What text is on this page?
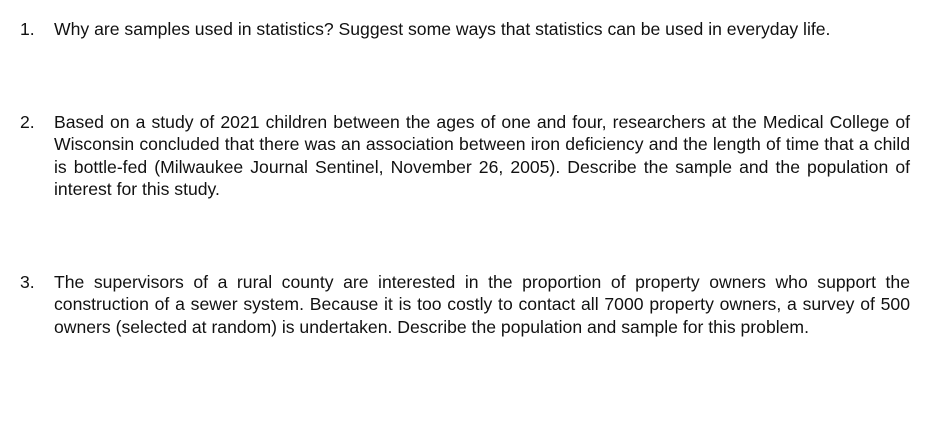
1.	Why are samples used in statistics? Suggest some ways that statistics can be used in everyday life.
2.	Based on a study of 2021 children between the ages of one and four, researchers at the Medical College of Wisconsin concluded that there was an association between iron deficiency and the length of time that a child is bottle-fed (Milwaukee Journal Sentinel, November 26, 2005). Describe the sample and the population of interest for this study.
3.	The supervisors of a rural county are interested in the proportion of property owners who support the construction of a sewer system. Because it is too costly to contact all 7000 property owners, a survey of 500 owners (selected at random) is undertaken. Describe the population and sample for this problem.
